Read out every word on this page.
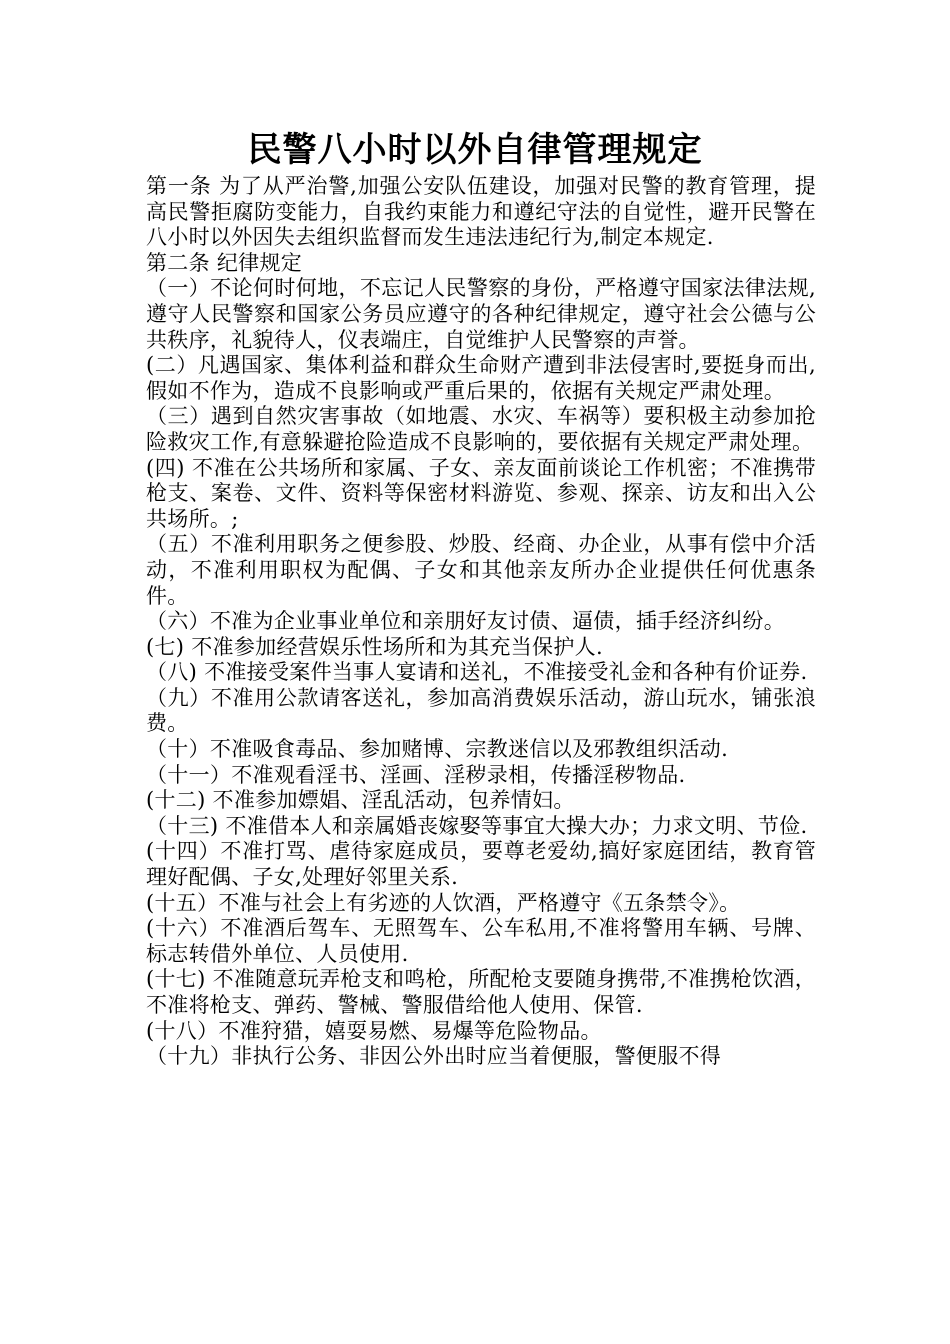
民警八小时以外自律管理规定

第一条 为了从严治警,加强公安队伍建设，加强对民警的教育管理，提高民警拒腐防变能力，自我约束能力和遵纪守法的自觉性，避开民警在八小时以外因失去组织监督而发生违法违纪行为,制定本规定.

第二条 纪律规定

（一）不论何时何地，不忘记人民警察的身份，严格遵守国家法律法规,遵守人民警察和国家公务员应遵守的各种纪律规定，遵守社会公德与公共秩序，礼貌待人，仪表端庄，自觉维护人民警察的声誉。

(二）凡遇国家、集体利益和群众生命财产遭到非法侵害时,要挺身而出,假如不作为，造成不良影响或严重后果的，依据有关规定严肃处理。

（三）遇到自然灾害事故（如地震、水灾、车祸等）要积极主动参加抢险救灾工作,有意躲避抢险造成不良影响的，要依据有关规定严肃处理。

(四) 不准在公共场所和家属、子女、亲友面前谈论工作机密；不准携带枪支、案卷、文件、资料等保密材料游览、参观、探亲、访友和出入公共场所。;

（五）不准利用职务之便参股、炒股、经商、办企业，从事有偿中介活动，不准利用职权为配偶、子女和其他亲友所办企业提供任何优惠条件。

（六）不准为企业事业单位和亲朋好友讨债、逼债，插手经济纠纷。

(七) 不准参加经营娱乐性场所和为其充当保护人.

（八) 不准接受案件当事人宴请和送礼，不准接受礼金和各种有价证券.

（九）不准用公款请客送礼，参加高消费娱乐活动，游山玩水，铺张浪费。

（十）不准吸食毒品、参加赌博、宗教迷信以及邪教组织活动.

（十一）不准观看淫书、淫画、淫秽录相，传播淫秽物品.

(十二) 不准参加嫖娼、淫乱活动，包养情妇。

（十三) 不准借本人和亲属婚丧嫁娶等事宜大操大办；力求文明、节俭.

(十四）不准打骂、虐待家庭成员，要尊老爱幼,搞好家庭团结，教育管理好配偶、子女,处理好邻里关系.

(十五）不准与社会上有劣迹的人饮酒，严格遵守《五条禁令》。

(十六）不准酒后驾车、无照驾车、公车私用,不准将警用车辆、号牌、标志转借外单位、人员使用.

(十七) 不准随意玩弄枪支和鸣枪，所配枪支要随身携带,不准携枪饮酒，不准将枪支、弹药、警械、警服借给他人使用、保管.

(十八）不准狩猎，嬉耍易燃、易爆等危险物品。

（十九）非执行公务、非因公外出时应当着便服，警便服不得
